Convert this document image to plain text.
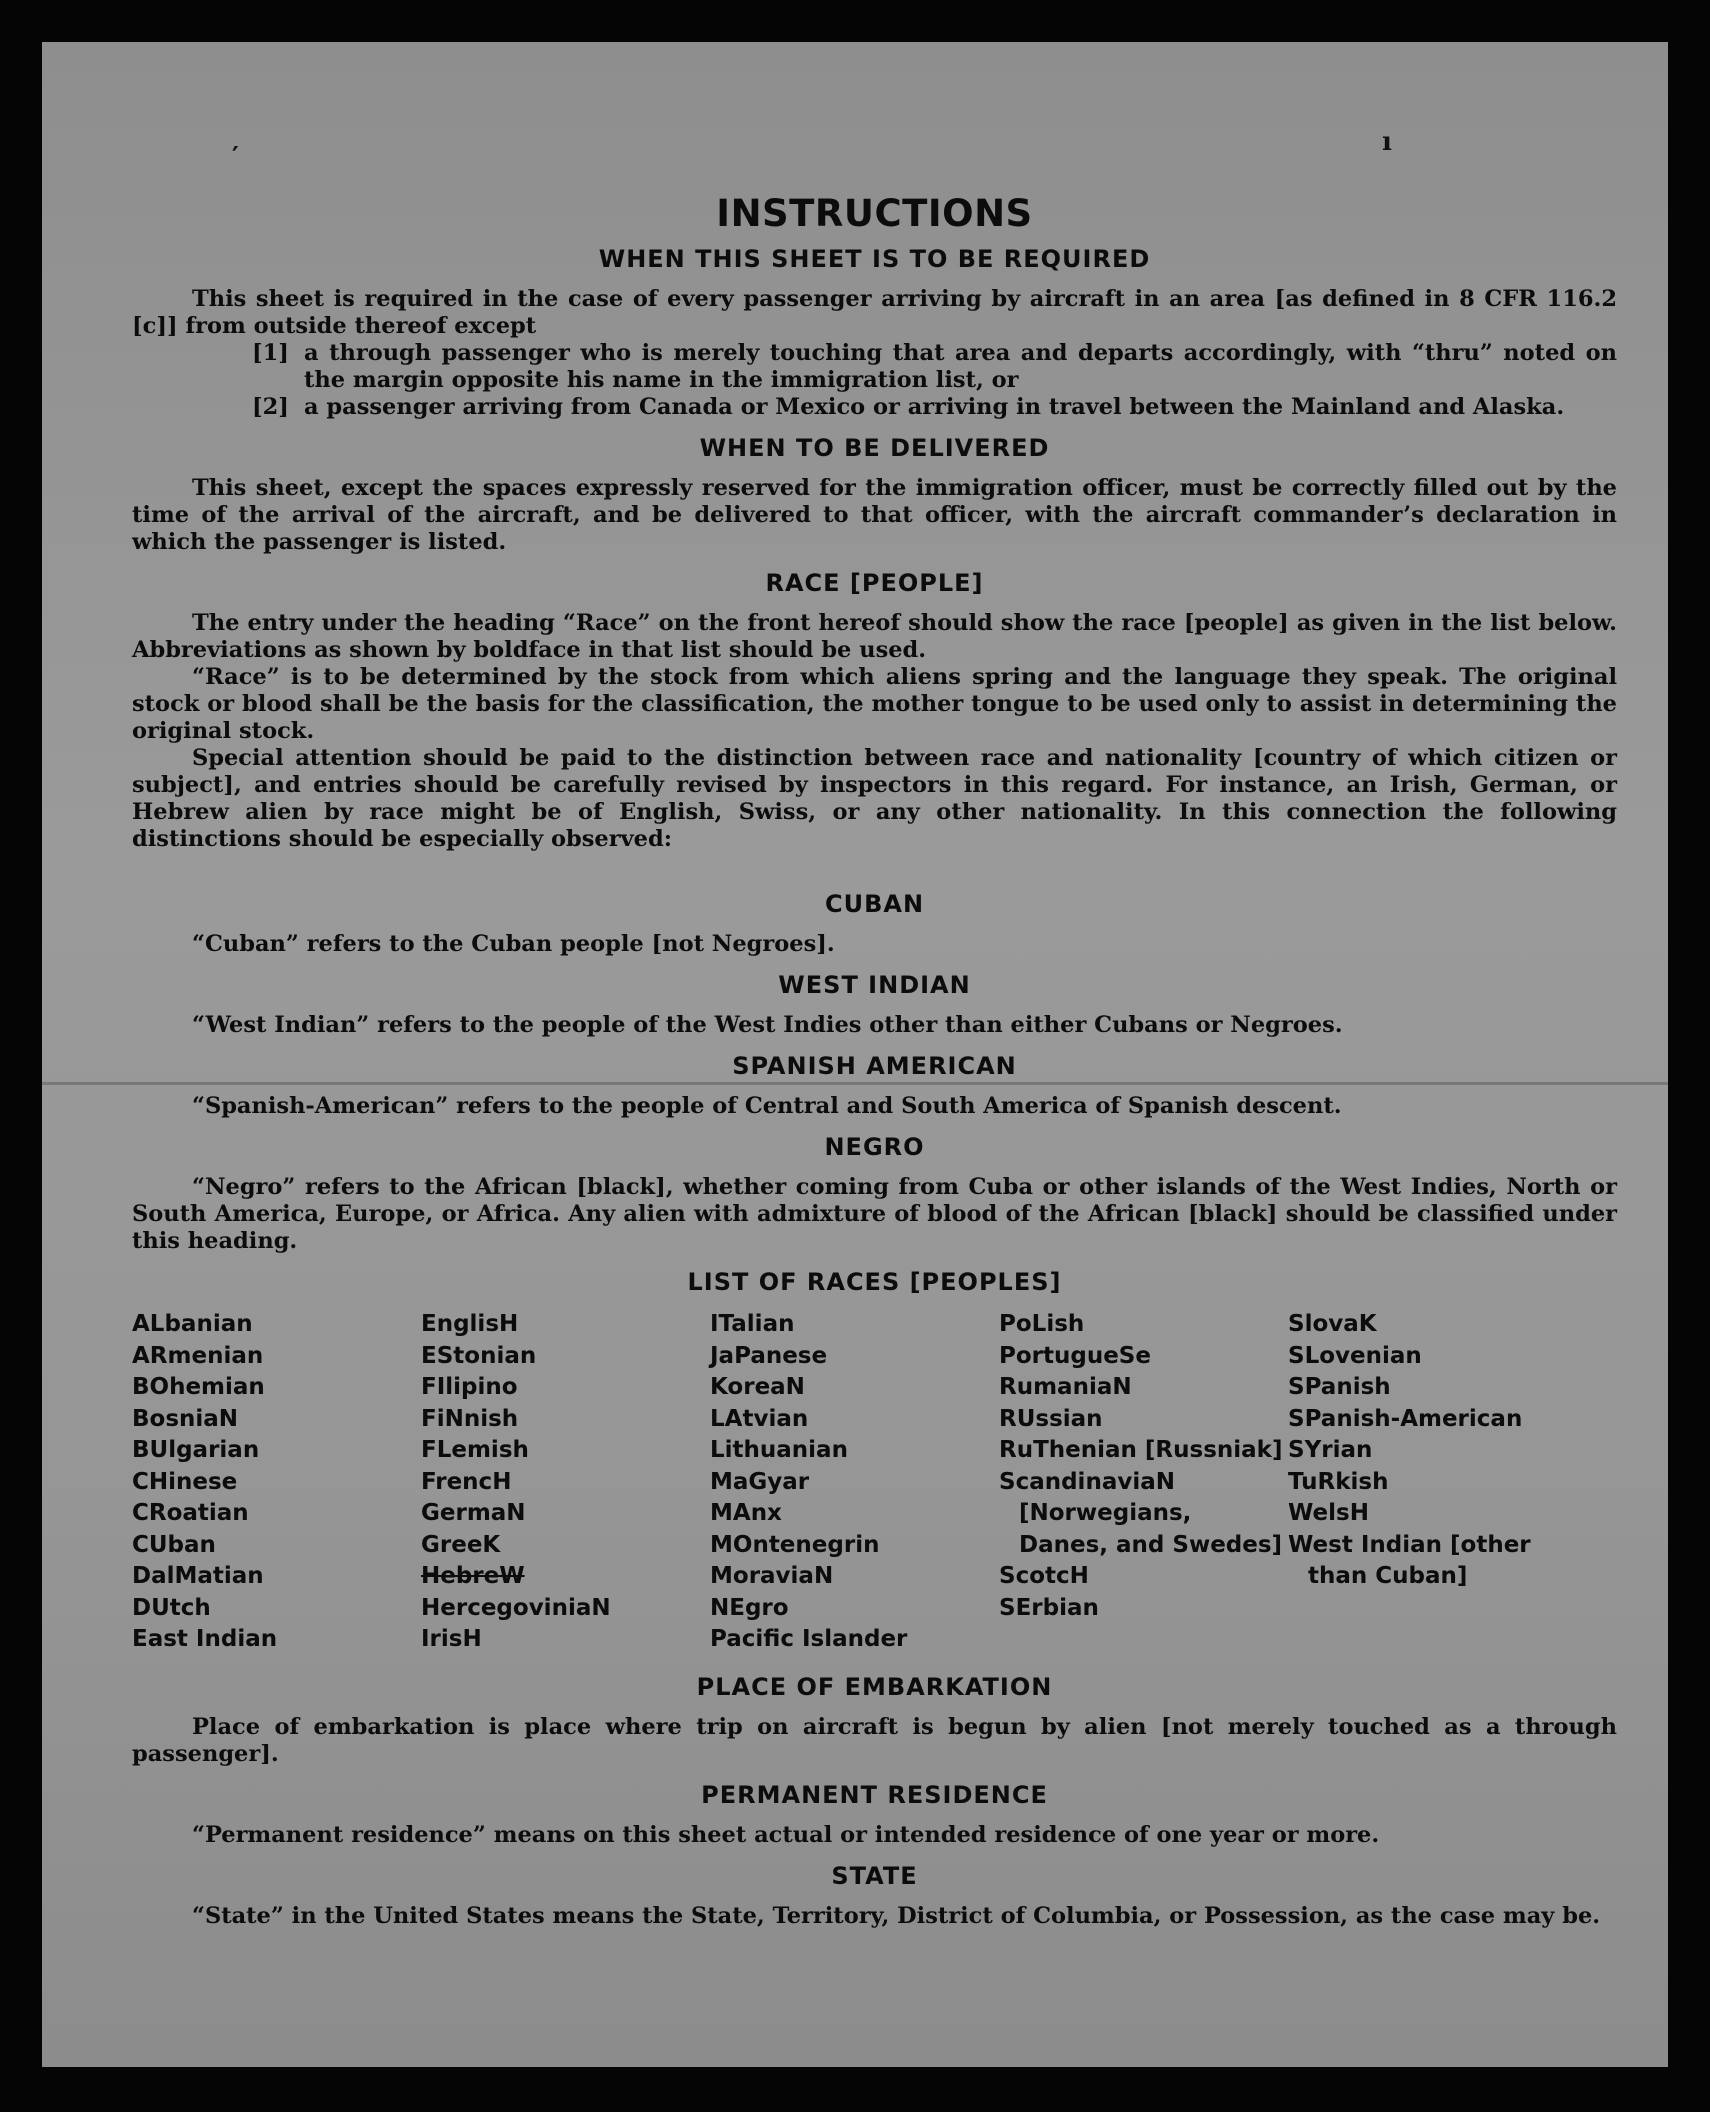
′	ı
INSTRUCTIONS
WHEN THIS SHEET IS TO BE REQUIRED

This sheet is required in the case of every passenger arriving by aircraft in an area [as defined in 8 CFR 116.2 [c]] from outside thereof except

[1] a through passenger who is merely touching that area and departs accordingly, with “thru” noted on the margin opposite his name in the immigration list, or
[2] a passenger arriving from Canada or Mexico or arriving in travel between the Mainland and Alaska.
WHEN TO BE DELIVERED

This sheet, except the spaces expressly reserved for the immigration officer, must be correctly filled out by the time of the arrival of the aircraft, and be delivered to that officer, with the aircraft commander’s declaration in which the passenger is listed.

RACE [PEOPLE]

The entry under the heading “Race” on the front hereof should show the race [people] as given in the list below. Abbreviations as shown by boldface in that list should be used.

“Race” is to be determined by the stock from which aliens spring and the language they speak. The original stock or blood shall be the basis for the classification, the mother tongue to be used only to assist in determining the original stock.

Special attention should be paid to the distinction between race and nationality [country of which citizen or subject], and entries should be carefully revised by inspectors in this regard. For instance, an Irish, German, or Hebrew alien by race might be of English, Swiss, or any other nationality. In this connection the following distinctions should be especially observed:

CUBAN

“Cuban” refers to the Cuban people [not Negroes].

WEST INDIAN

“West Indian” refers to the people of the West Indies other than either Cubans or Negroes.

SPANISH AMERICAN

“Spanish-American” refers to the people of Central and South America of Spanish descent.

NEGRO

“Negro” refers to the African [black], whether coming from Cuba or other islands of the West Indies, North or South America, Europe, or Africa. Any alien with admixture of blood of the African [black] should be classified under this heading.

LIST OF RACES [PEOPLES]
ALbanian
ARmenian
BOhemian
BosniaN
BUlgarian
CHinese
CRoatian
CUban
DalMatian
DUtch
East Indian
EnglisH
EStonian
FIlipino
FiNnish
FLemish
FrencH
GermaN
GreeK
HebreW
HercegoviniaN
IrisH
ITalian
JaPanese
KoreaN
LAtvian
Lithuanian
MaGyar
MAnx
MOntenegrin
MoraviaN
NEgro
Pacific Islander
PoLish
PortugueSe
RumaniaN
RUssian
RuThenian [Russniak]
ScandinaviaN [Norwegians, Danes, and Swedes]
ScotcH
SErbian
SlovaK
SLovenian
SPanish
SPanish-American
SYrian
TuRkish
WelsH
West Indian [other than Cuban]
PLACE OF EMBARKATION

Place of embarkation is place where trip on aircraft is begun by alien [not merely touched as a through passenger].

PERMANENT RESIDENCE

“Permanent residence” means on this sheet actual or intended residence of one year or more.

STATE

“State” in the United States means the State, Territory, District of Columbia, or Possession, as the case may be.
